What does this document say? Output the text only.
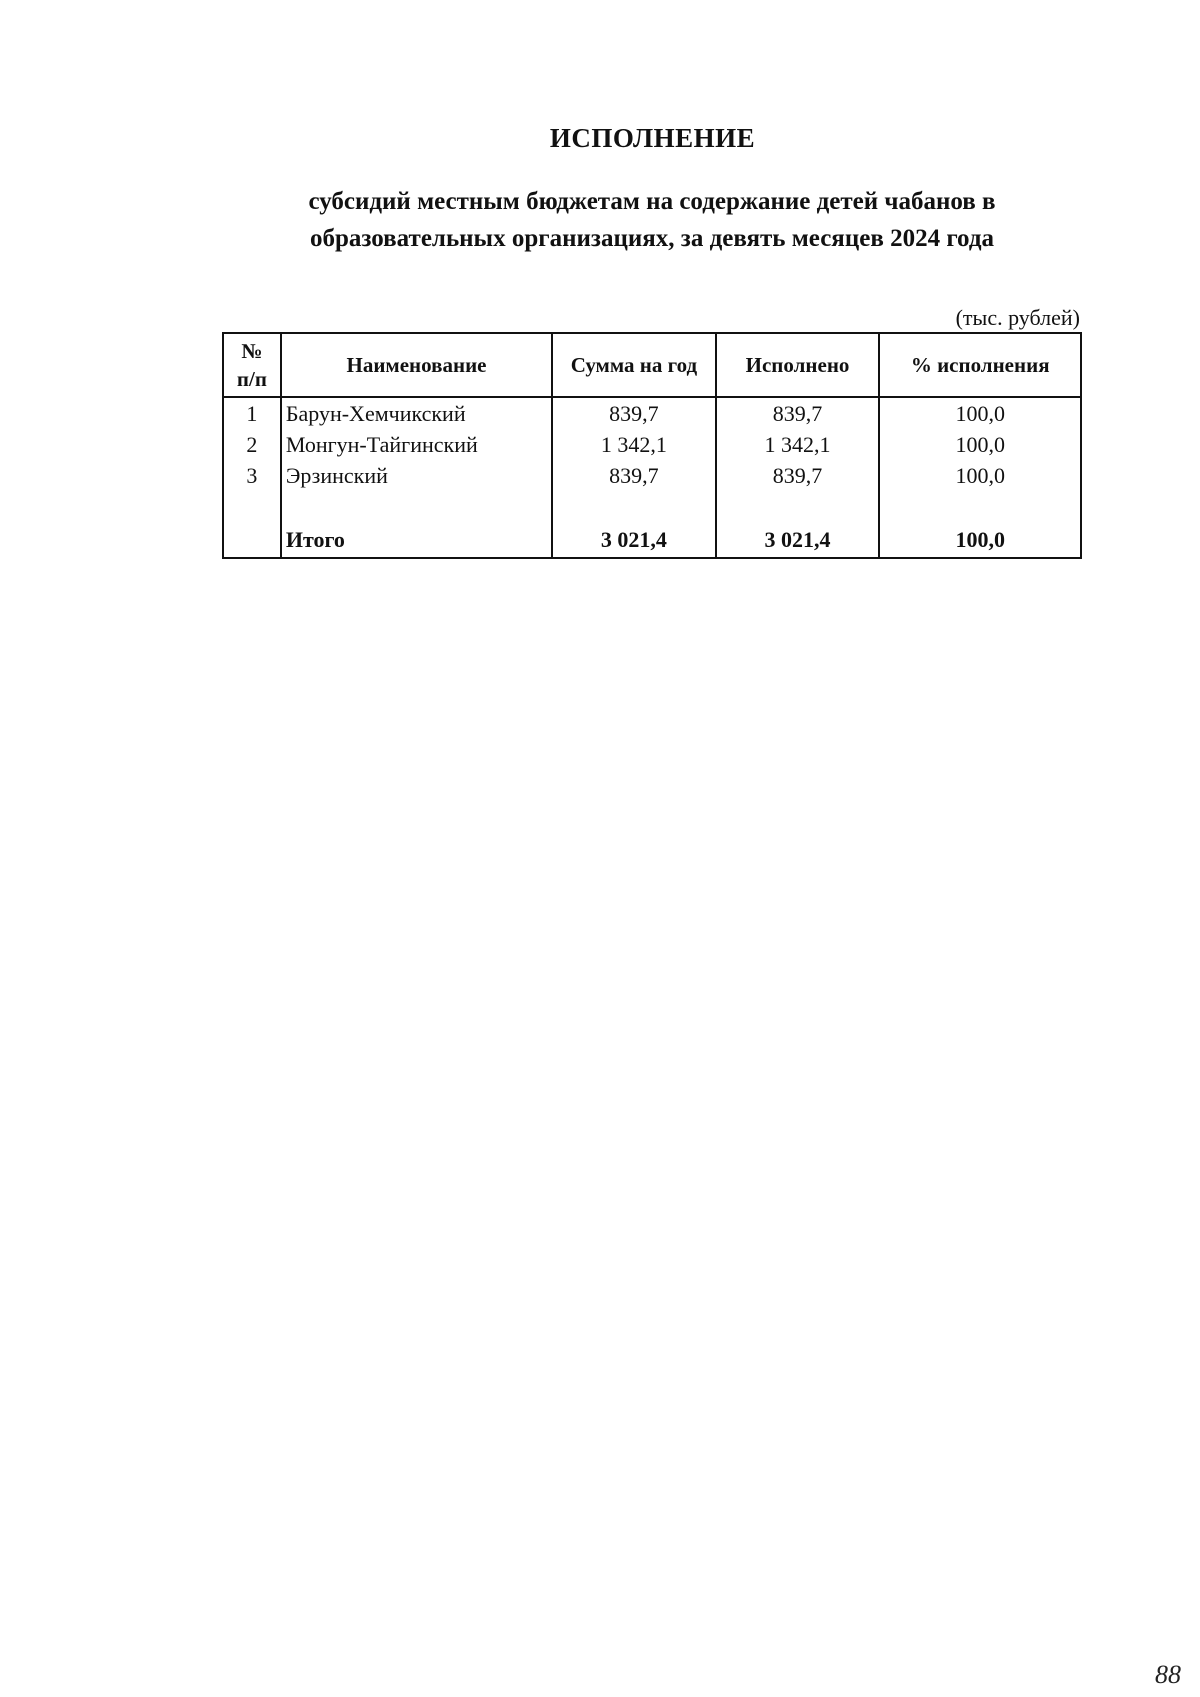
ИСПОЛНЕНИЕ
субсидий местным бюджетам на содержание детей чабанов в
образовательных организациях, за девять месяцев 2024 года
(тыс. рублей)
№
п/п	Наименование	Сумма на год	Исполнено	% исполнения
1	Барун-Хемчикский	839,7	839,7	100,0
2	Монгун-Тайгинский	1 342,1	1 342,1	100,0
3	Эрзинский	839,7	839,7	100,0

	Итого	3 021,4	3 021,4	100,0
88
